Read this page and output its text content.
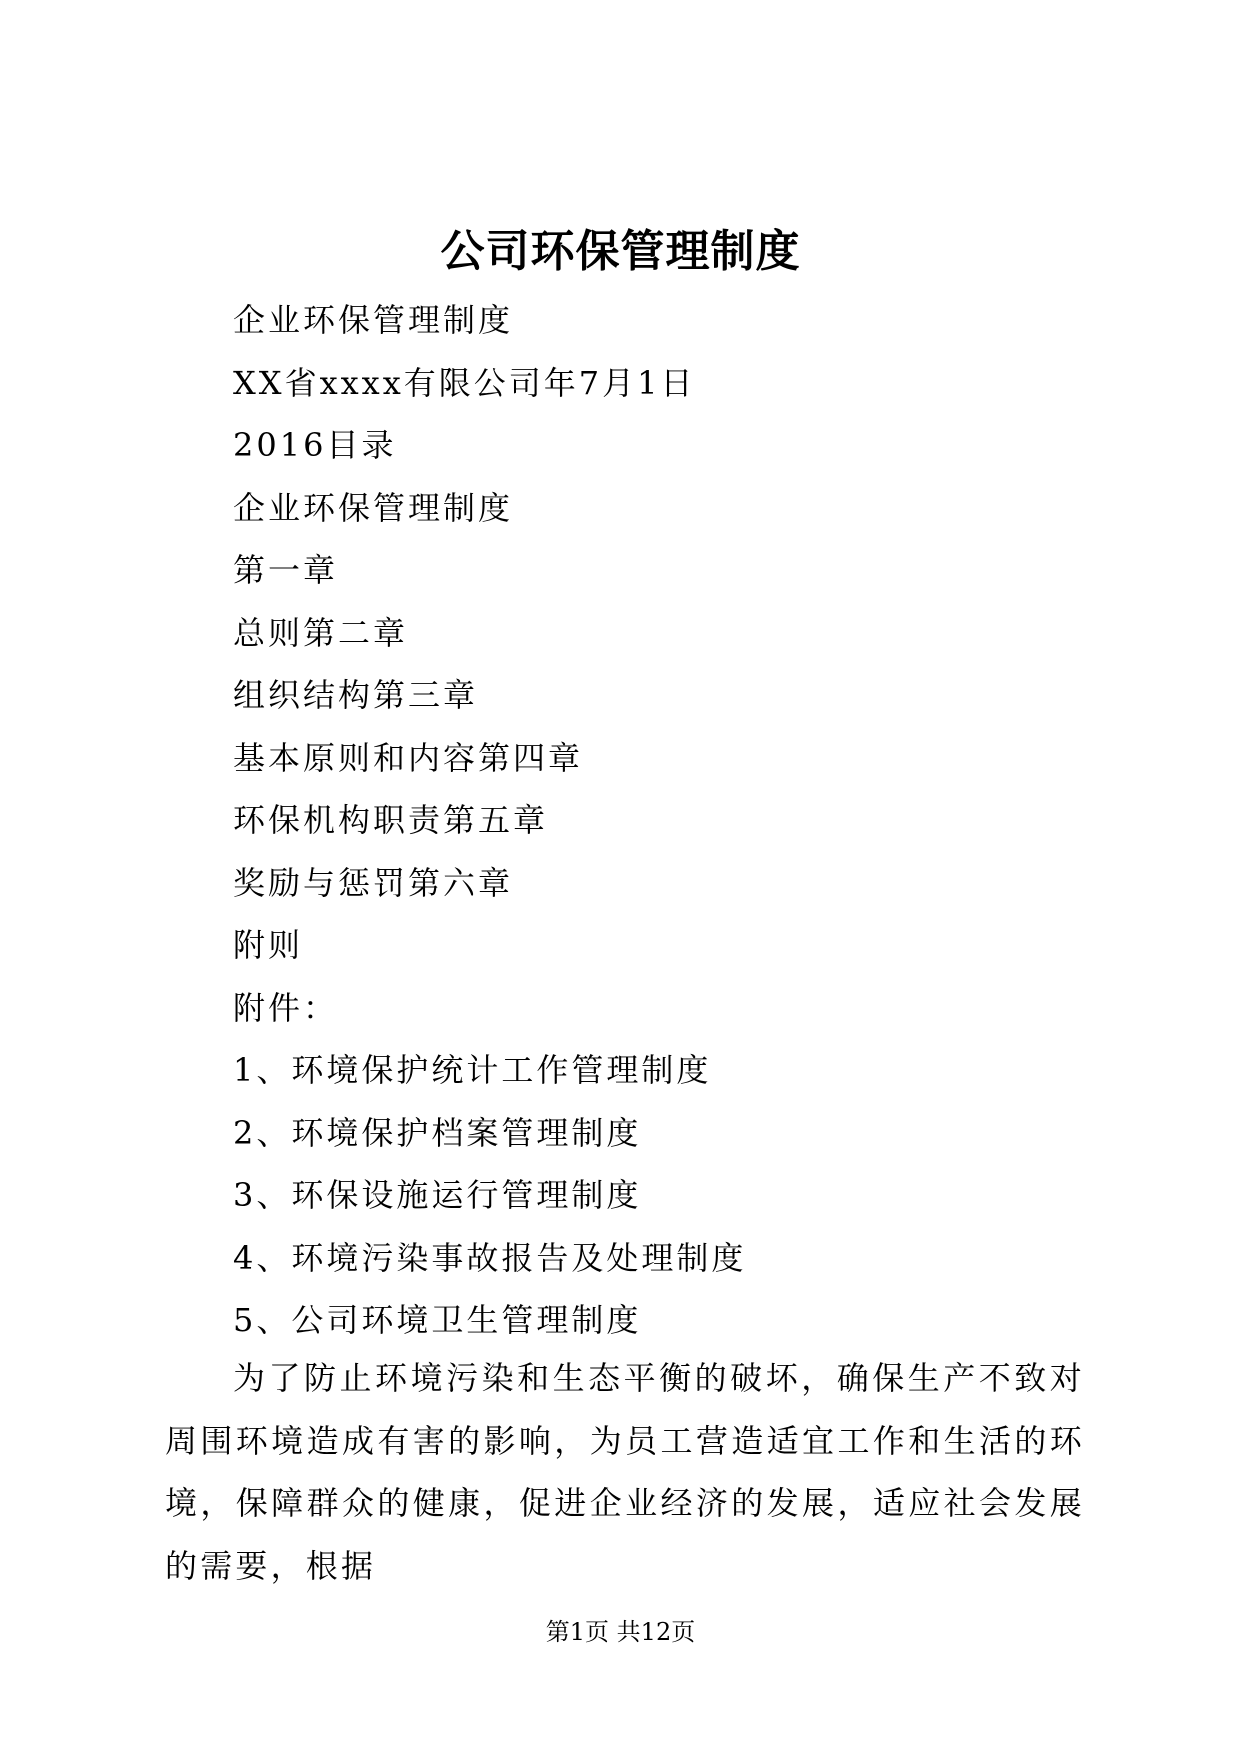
公司环保管理制度
企业环保管理制度
XX省xxxx有限公司年7月1日
2016目录
企业环保管理制度
第一章
总则第二章
组织结构第三章
基本原则和内容第四章
环保机构职责第五章
奖励与惩罚第六章
附则
附件：
1、环境保护统计工作管理制度
2、环境保护档案管理制度
3、环保设施运行管理制度
4、环境污染事故报告及处理制度
5、公司环境卫生管理制度
为了防止环境污染和生态平衡的破坏，确保生产不致对周围环境造成有害的影响，为员工营造适宜工作和生活的环境，保障群众的健康，促进企业经济的发展，适应社会发展的需要，根据
第1页 共12页
